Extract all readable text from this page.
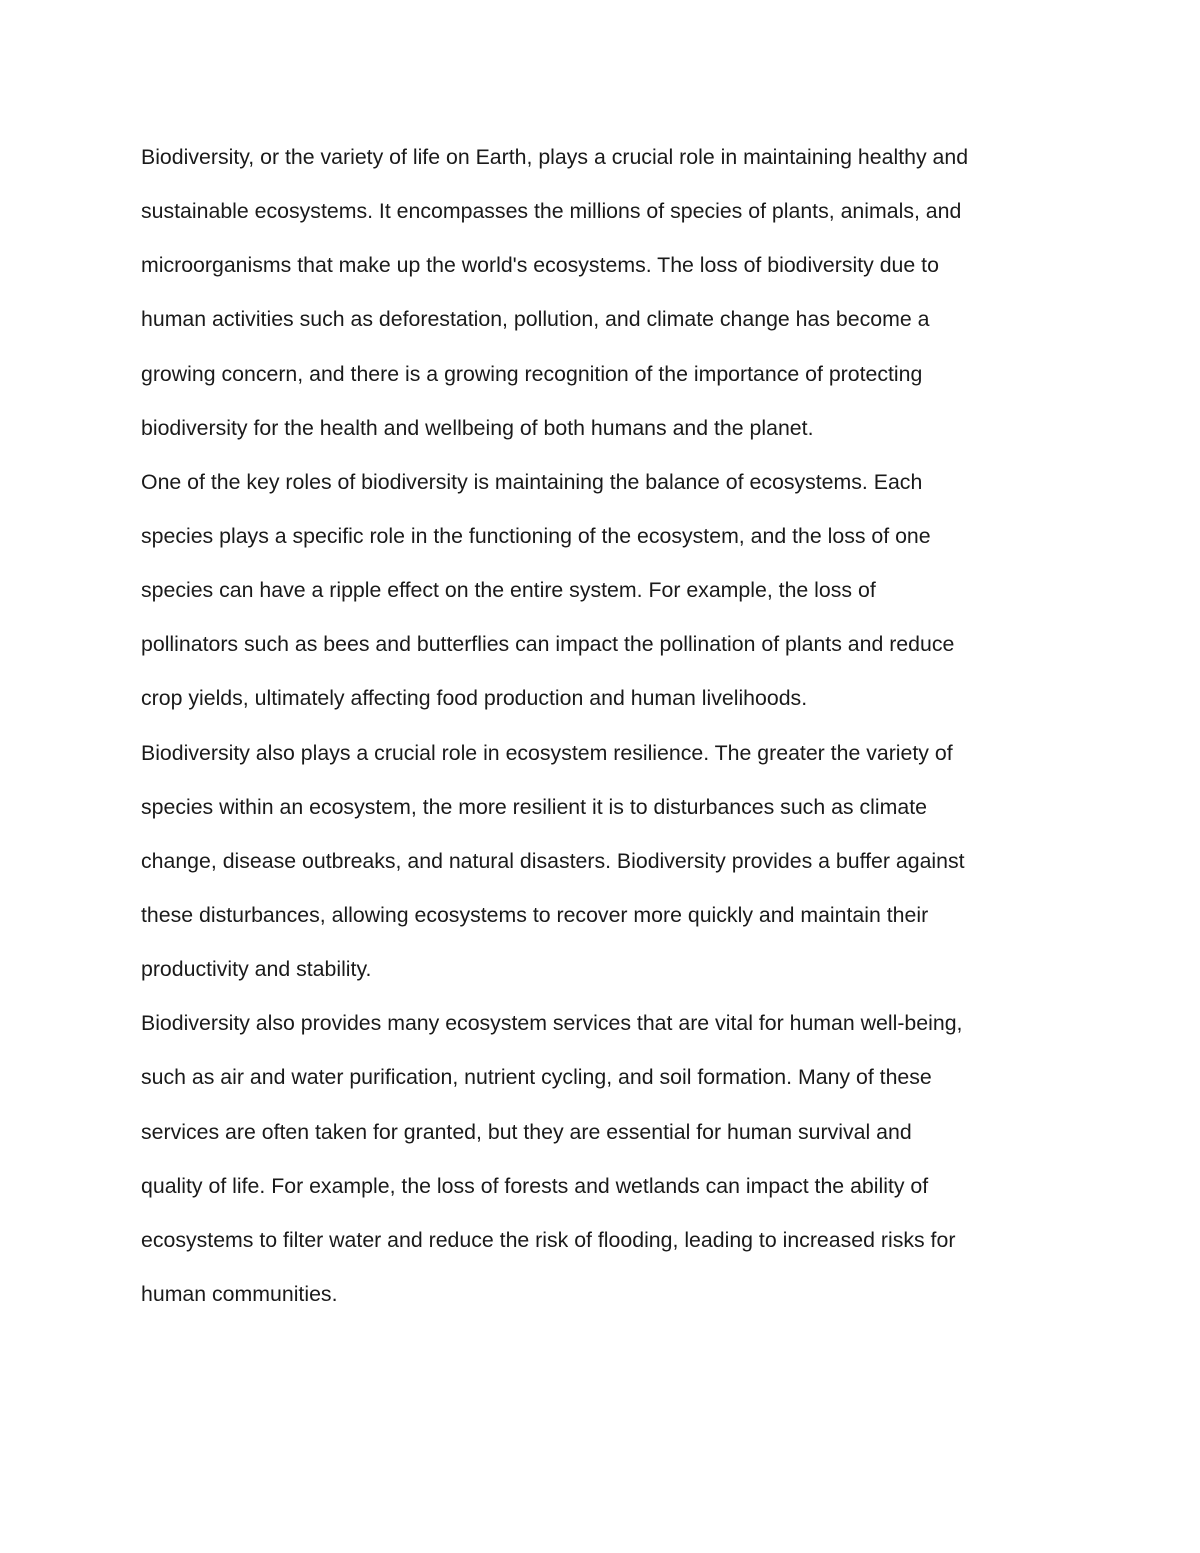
Biodiversity, or the variety of life on Earth, plays a crucial role in maintaining healthy and
sustainable ecosystems. It encompasses the millions of species of plants, animals, and
microorganisms that make up the world's ecosystems. The loss of biodiversity due to
human activities such as deforestation, pollution, and climate change has become a
growing concern, and there is a growing recognition of the importance of protecting
biodiversity for the health and wellbeing of both humans and the planet.

One of the key roles of biodiversity is maintaining the balance of ecosystems. Each
species plays a specific role in the functioning of the ecosystem, and the loss of one
species can have a ripple effect on the entire system. For example, the loss of
pollinators such as bees and butterflies can impact the pollination of plants and reduce
crop yields, ultimately affecting food production and human livelihoods.

Biodiversity also plays a crucial role in ecosystem resilience. The greater the variety of
species within an ecosystem, the more resilient it is to disturbances such as climate
change, disease outbreaks, and natural disasters. Biodiversity provides a buffer against
these disturbances, allowing ecosystems to recover more quickly and maintain their
productivity and stability.

Biodiversity also provides many ecosystem services that are vital for human well-being,
such as air and water purification, nutrient cycling, and soil formation. Many of these
services are often taken for granted, but they are essential for human survival and
quality of life. For example, the loss of forests and wetlands can impact the ability of
ecosystems to filter water and reduce the risk of flooding, leading to increased risks for
human communities.
